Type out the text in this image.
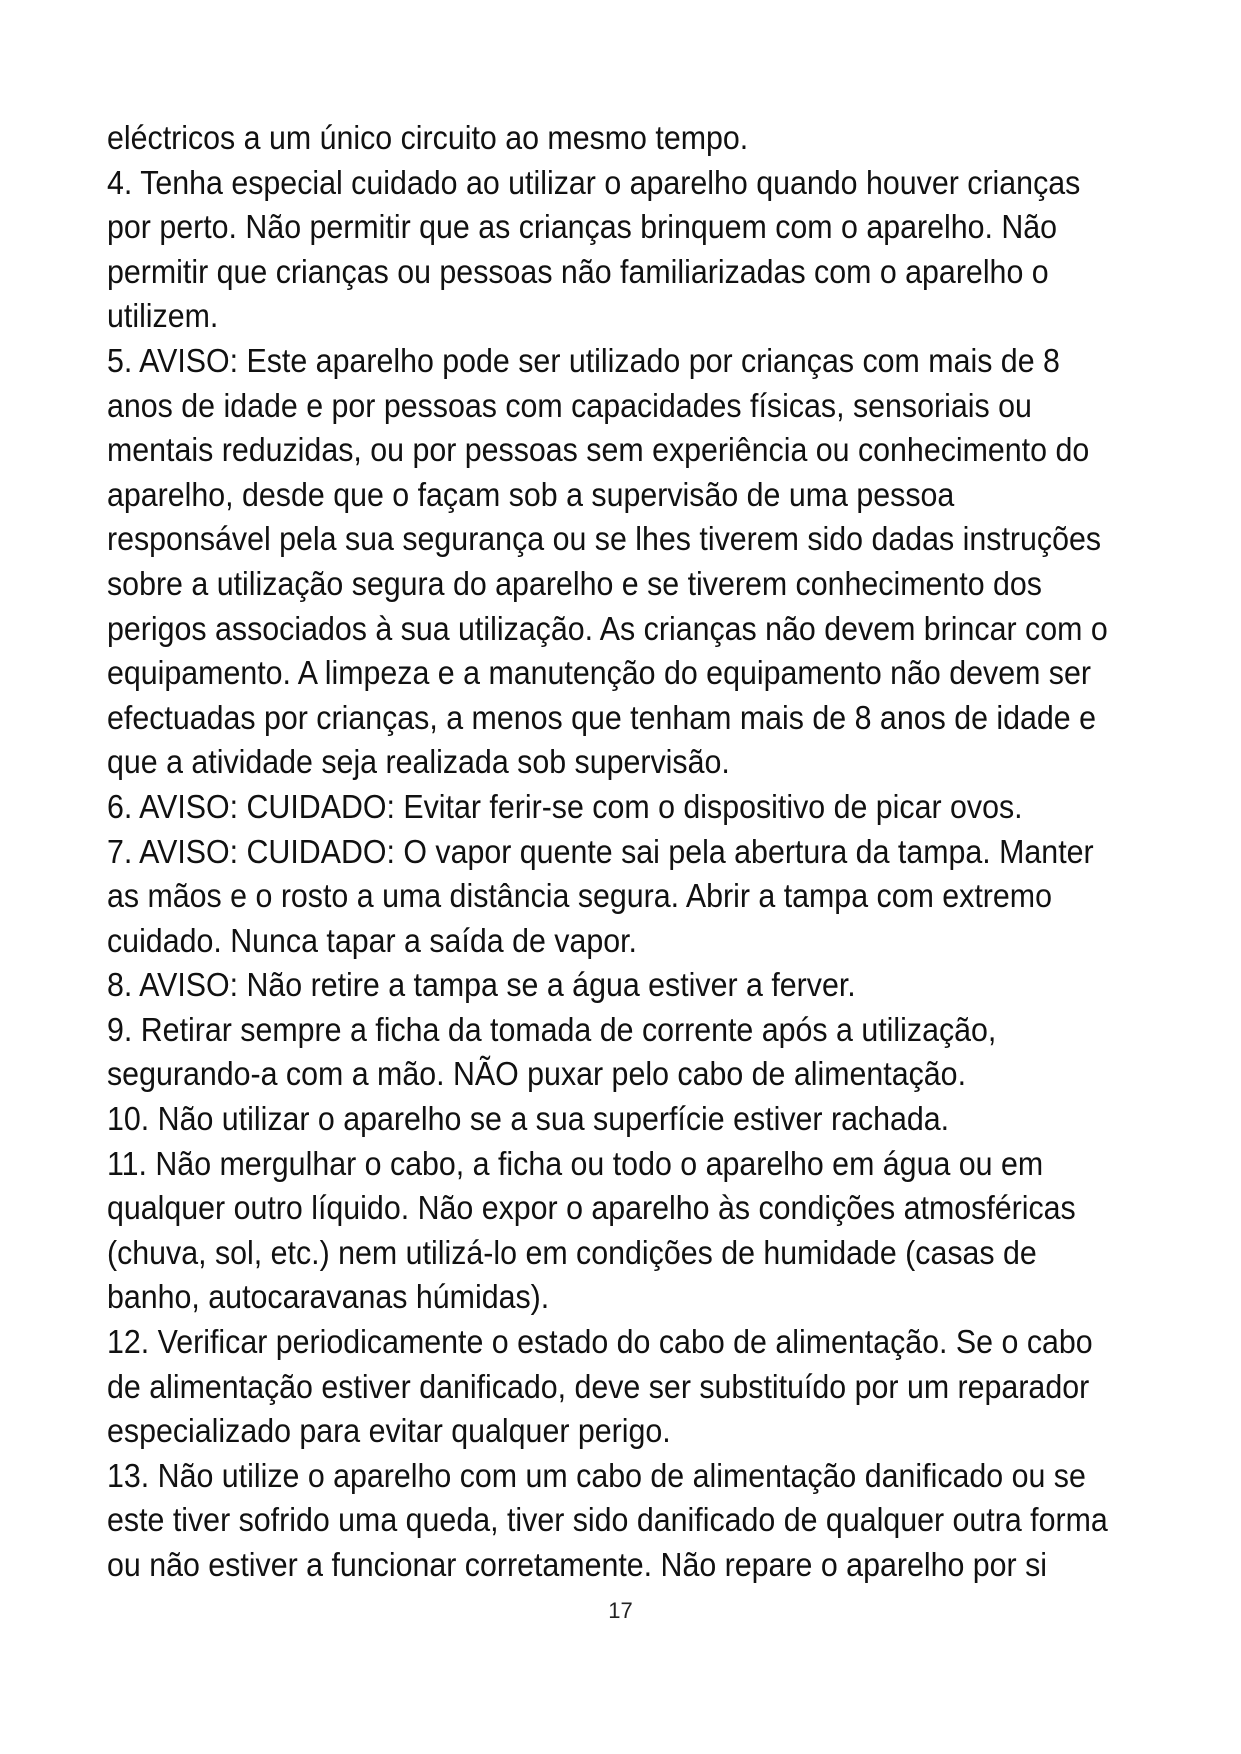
eléctricos a um único circuito ao mesmo tempo.
4. Tenha especial cuidado ao utilizar o aparelho quando houver crianças
por perto. Não permitir que as crianças brinquem com o aparelho. Não
permitir que crianças ou pessoas não familiarizadas com o aparelho o
utilizem.
5. AVISO: Este aparelho pode ser utilizado por crianças com mais de 8
anos de idade e por pessoas com capacidades físicas, sensoriais ou
mentais reduzidas, ou por pessoas sem experiência ou conhecimento do
aparelho, desde que o façam sob a supervisão de uma pessoa
responsável pela sua segurança ou se lhes tiverem sido dadas instruções
sobre a utilização segura do aparelho e se tiverem conhecimento dos
perigos associados à sua utilização. As crianças não devem brincar com o
equipamento. A limpeza e a manutenção do equipamento não devem ser
efectuadas por crianças, a menos que tenham mais de 8 anos de idade e
que a atividade seja realizada sob supervisão.
6. AVISO: CUIDADO: Evitar ferir-se com o dispositivo de picar ovos.
7. AVISO: CUIDADO: O vapor quente sai pela abertura da tampa. Manter
as mãos e o rosto a uma distância segura. Abrir a tampa com extremo
cuidado. Nunca tapar a saída de vapor.
8. AVISO: Não retire a tampa se a água estiver a ferver.
9. Retirar sempre a ficha da tomada de corrente após a utilização,
segurando-a com a mão. NÃO puxar pelo cabo de alimentação.
10. Não utilizar o aparelho se a sua superfície estiver rachada.
11. Não mergulhar o cabo, a ficha ou todo o aparelho em água ou em
qualquer outro líquido. Não expor o aparelho às condições atmosféricas
(chuva, sol, etc.) nem utilizá-lo em condições de humidade (casas de
banho, autocaravanas húmidas).
12. Verificar periodicamente o estado do cabo de alimentação. Se o cabo
de alimentação estiver danificado, deve ser substituído por um reparador
especializado para evitar qualquer perigo.
13. Não utilize o aparelho com um cabo de alimentação danificado ou se
este tiver sofrido uma queda, tiver sido danificado de qualquer outra forma
ou não estiver a funcionar corretamente. Não repare o aparelho por si
17
